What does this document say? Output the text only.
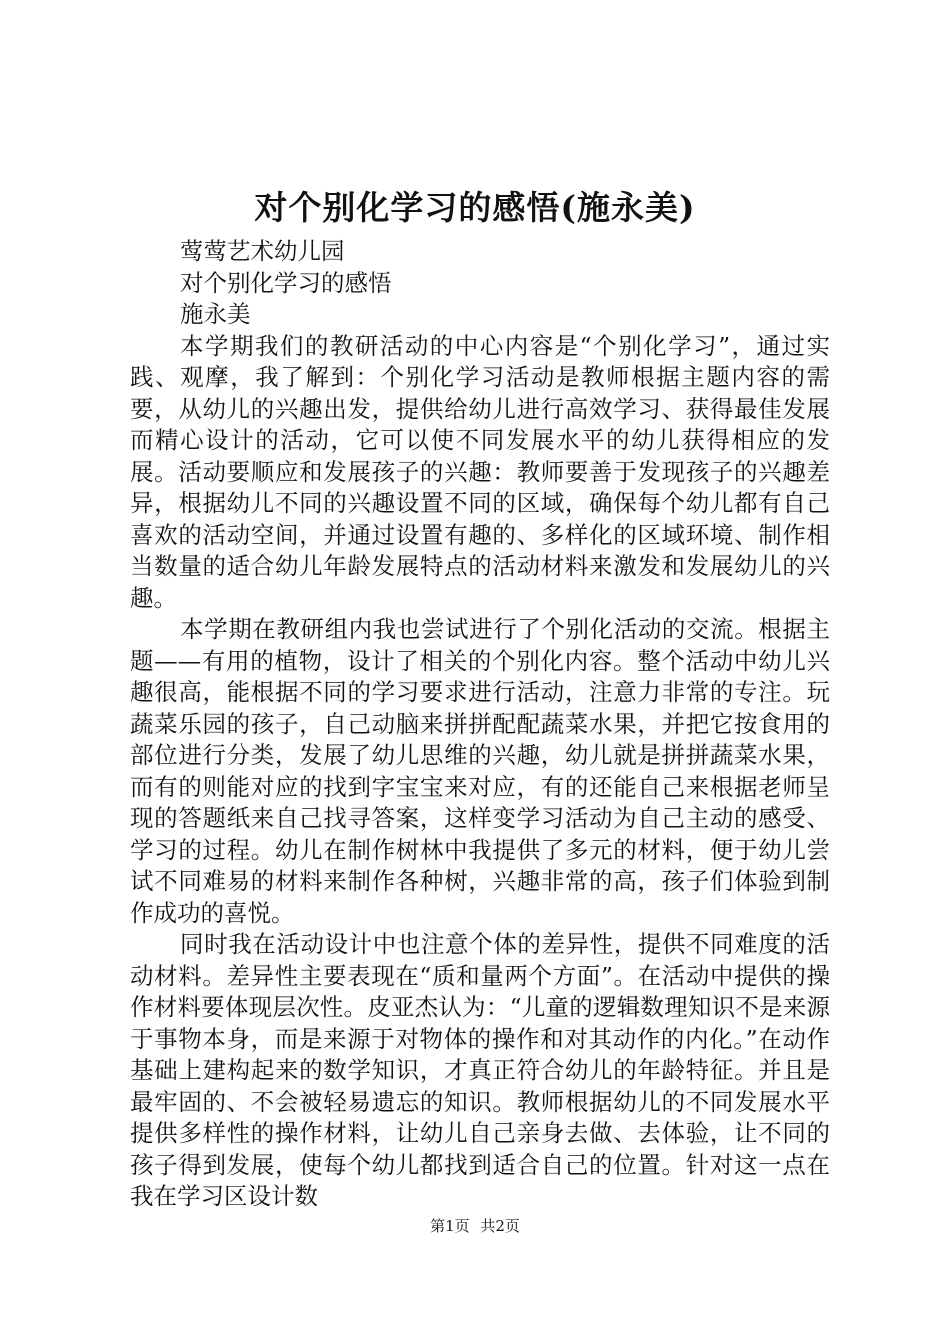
对个别化学习的感悟(施永美)
莺莺艺术幼儿园
对个别化学习的感悟
施永美

本学期我们的教研活动的中心内容是“个别化学习”，通过实践、观摩，我了解到：个别化学习活动是教师根据主题内容的需要，从幼儿的兴趣出发，提供给幼儿进行高效学习、获得最佳发展而精心设计的活动，它可以使不同发展水平的幼儿获得相应的发展。活动要顺应和发展孩子的兴趣：教师要善于发现孩子的兴趣差异，根据幼儿不同的兴趣设置不同的区域，确保每个幼儿都有自己喜欢的活动空间，并通过设置有趣的、多样化的区域环境、制作相当数量的适合幼儿年龄发展特点的活动材料来激发和发展幼儿的兴趣。

本学期在教研组内我也尝试进行了个别化活动的交流。根据主题——有用的植物，设计了相关的个别化内容。整个活动中幼儿兴趣很高，能根据不同的学习要求进行活动，注意力非常的专注。玩蔬菜乐园的孩子，自己动脑来拼拼配配蔬菜水果，并把它按食用的部位进行分类，发展了幼儿思维的兴趣，幼儿就是拼拼蔬菜水果，而有的则能对应的找到字宝宝来对应，有的还能自己来根据老师呈现的答题纸来自己找寻答案，这样变学习活动为自己主动的感受、学习的过程。幼儿在制作树林中我提供了多元的材料，便于幼儿尝试不同难易的材料来制作各种树，兴趣非常的高，孩子们体验到制作成功的喜悦。

同时我在活动设计中也注意个体的差异性，提供不同难度的活动材料。差异性主要表现在“质和量两个方面”。在活动中提供的操作材料要体现层次性。皮亚杰认为：“儿童的逻辑数理知识不是来源于事物本身，而是来源于对物体的操作和对其动作的内化。”在动作基础上建构起来的数学知识，才真正符合幼儿的年龄特征。并且是最牢固的、不会被轻易遗忘的知识。教师根据幼儿的不同发展水平提供多样性的操作材料，让幼儿自己亲身去做、去体验，让不同的孩子得到发展，使每个幼儿都找到适合自己的位置。针对这一点在我在学习区设计数

第1页 共2页
